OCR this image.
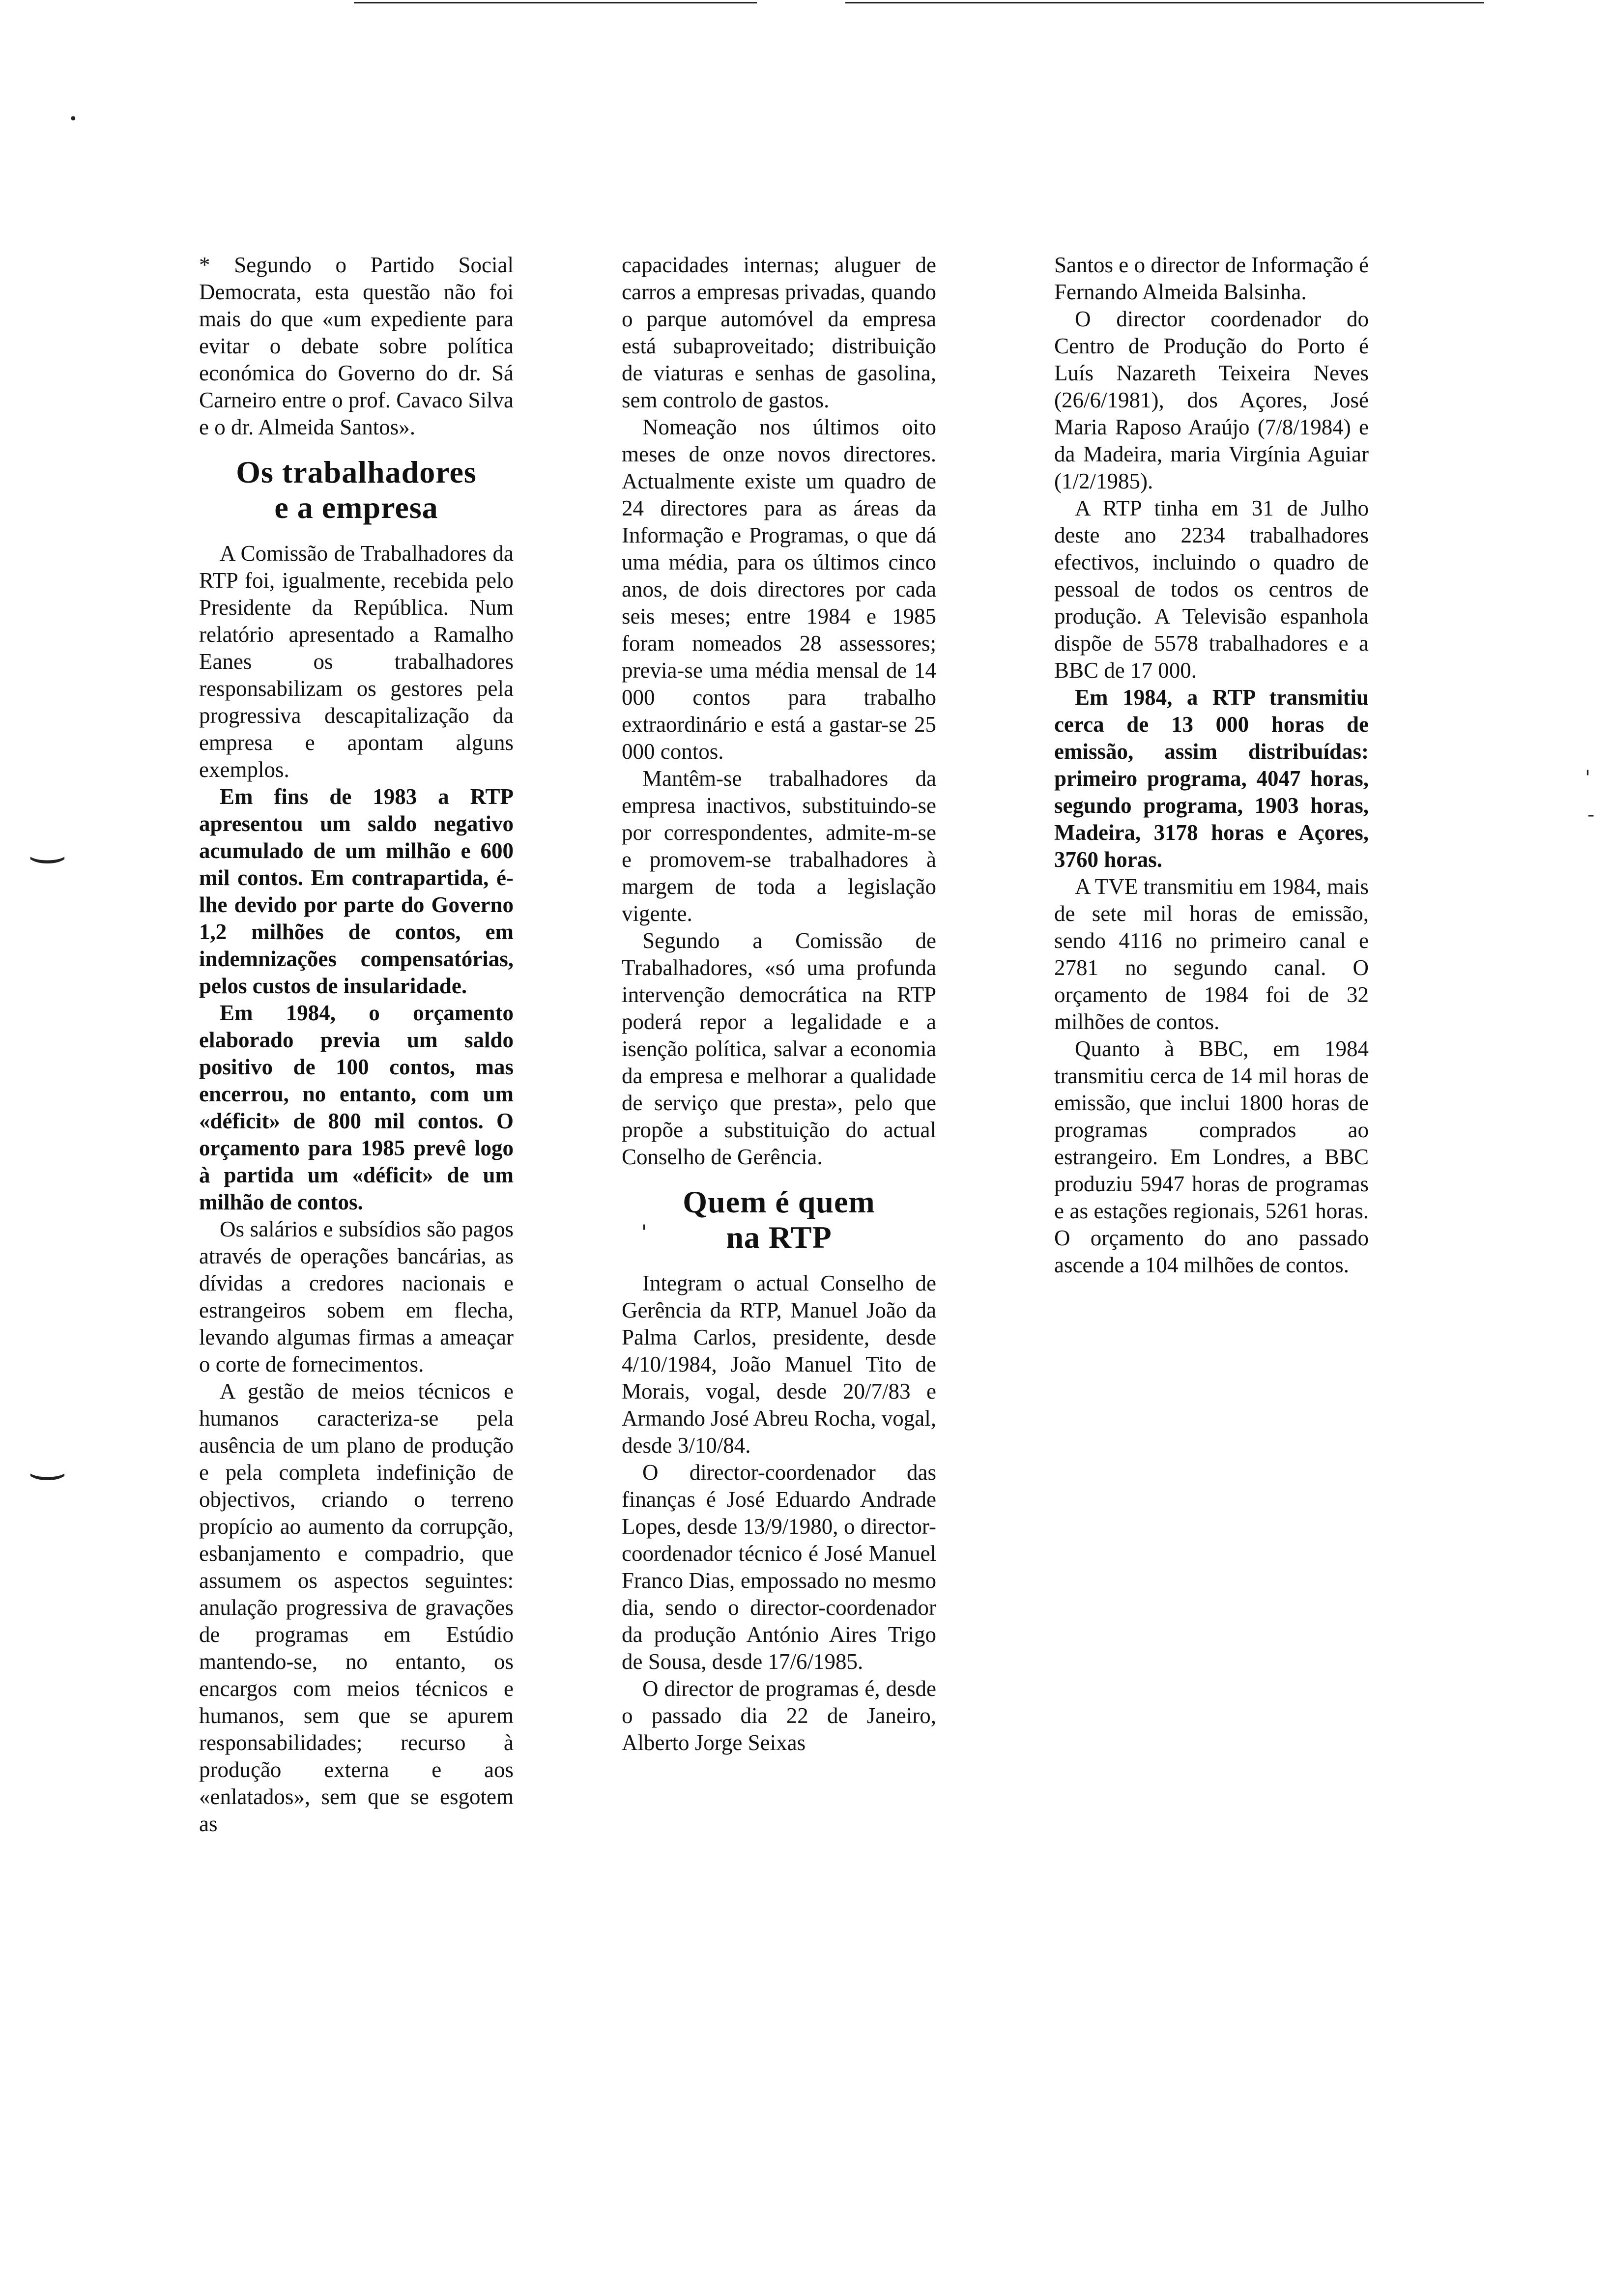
•
⌣
⌣
'
-
'

* Segundo o Partido Social Democrata, esta questão não foi mais do que «um expediente para evitar o debate sobre política económica do Governo do dr. Sá Carneiro entre o prof. Cavaco Silva e o dr. Almeida Santos».

Os trabalhadores
e a empresa

A Comissão de Trabalhadores da RTP foi, igualmente, recebida pelo Presidente da República. Num relatório apresentado a Ramalho Eanes os trabalhadores responsabilizam os gestores pela progressiva descapitalização da empresa e apontam alguns exemplos.

Em fins de 1983 a RTP apresentou um saldo negativo acumulado de um milhão e 600 mil contos. Em contrapartida, é-lhe devido por parte do Governo 1,2 milhões de contos, em indemnizações compensatórias, pelos custos de insularidade.

Em 1984, o orçamento elaborado previa um saldo positivo de 100 contos, mas encerrou, no entanto, com um «déficit» de 800 mil contos. O orçamento para 1985 prevê logo à partida um «déficit» de um milhão de contos.

Os salários e subsídios são pagos através de operações bancárias, as dívidas a credores nacionais e estrangeiros sobem em flecha, levando algumas firmas a ameaçar o corte de fornecimentos.

A gestão de meios técnicos e humanos caracteriza-se pela ausência de um plano de produção e pela completa indefinição de objectivos, criando o terreno propício ao aumento da corrupção, esbanjamento e compadrio, que assumem os aspectos seguintes: anulação progressiva de gravações de programas em Estúdio mantendo-se, no entanto, os encargos com meios técnicos e humanos, sem que se apurem responsabilidades; recurso à produção externa e aos «enlatados», sem que se esgotem as

capacidades internas; aluguer de carros a empresas privadas, quando o parque automóvel da empresa está subaproveitado; distribuição de viaturas e senhas de gasolina, sem controlo de gastos.

Nomeação nos últimos oito meses de onze novos directores. Actualmente existe um quadro de 24 directores para as áreas da Informação e Programas, o que dá uma média, para os últimos cinco anos, de dois directores por cada seis meses; entre 1984 e 1985 foram nomeados 28 assessores; previa-se uma média mensal de 14 000 contos para trabalho extraordinário e está a gastar-se 25 000 contos.

Mantêm-se trabalhadores da empresa inactivos, substituindo-se por correspondentes, admite-m-se e promovem-se trabalhadores à margem de toda a legislação vigente.

Segundo a Comissão de Trabalhadores, «só uma profunda intervenção democrática na RTP poderá repor a legalidade e a isenção política, salvar a economia da empresa e melhorar a qualidade de serviço que presta», pelo que propõe a substituição do actual Conselho de Gerência.

Quem é quem
na RTP

Integram o actual Conselho de Gerência da RTP, Manuel João da Palma Carlos, presidente, desde 4/10/1984, João Manuel Tito de Morais, vogal, desde 20/7/83 e Armando José Abreu Rocha, vogal, desde 3/10/84.

O director-coordenador das finanças é José Eduardo Andrade Lopes, desde 13/9/1980, o director-coordenador técnico é José Manuel Franco Dias, empossado no mesmo dia, sendo o director-coordenador da produção António Aires Trigo de Sousa, desde 17/6/1985.

O director de programas é, desde o passado dia 22 de Janeiro, Alberto Jorge Seixas

Santos e o director de Informação é Fernando Almeida Balsinha.

O director coordenador do Centro de Produção do Porto é Luís Nazareth Teixeira Neves (26/6/1981), dos Açores, José Maria Raposo Araújo (7/8/1984) e da Madeira, maria Virgínia Aguiar (1/2/1985).

A RTP tinha em 31 de Julho deste ano 2234 trabalhadores efectivos, incluindo o quadro de pessoal de todos os centros de produção. A Televisão espanhola dispõe de 5578 trabalhadores e a BBC de 17 000.

Em 1984, a RTP transmitiu cerca de 13 000 horas de emissão, assim distribuídas: primeiro programa, 4047 horas, segundo programa, 1903 horas, Madeira, 3178 horas e Açores, 3760 horas.

A TVE transmitiu em 1984, mais de sete mil horas de emissão, sendo 4116 no primeiro canal e 2781 no segundo canal. O orçamento de 1984 foi de 32 milhões de contos.

Quanto à BBC, em 1984 transmitiu cerca de 14 mil horas de emissão, que inclui 1800 horas de programas comprados ao estrangeiro. Em Londres, a BBC produziu 5947 horas de programas e as estações regionais, 5261 horas. O orçamento do ano passado ascende a 104 milhões de contos.
